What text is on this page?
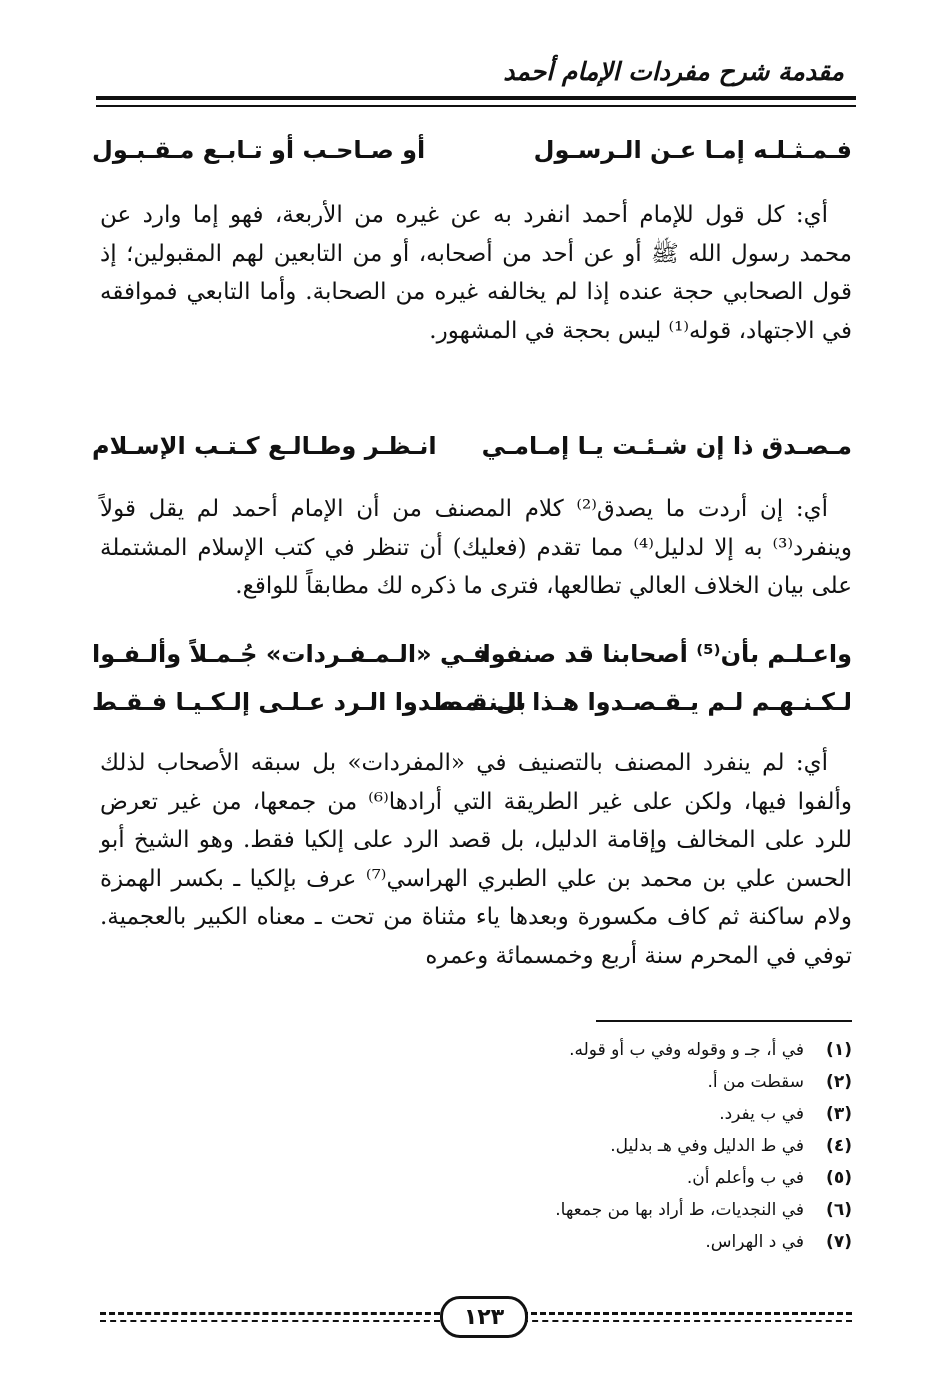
مقدمة شرح مفردات الإمام أحمد
فـمـثـلـه إمـا عـن الـرسـول
أو صـاحـب أو تـابـع مـقـبـول

أي: كل قول للإمام أحمد انفرد به عن غيره من الأربعة، فهو إما وارد عن محمد رسول الله ﷺ أو عن أحد من أصحابه، أو من التابعين لهم المقبولين؛ إذ قول الصحابي حجة عنده إذا لم يخالفه غيره من الصحابة. وأما التابعي فموافقه في الاجتهاد، قوله⁽¹⁾ ليس بحجة في المشهور.

مـصـدق ذا إن شـئـت يـا إمـامـي
انـظـر وطـالـع كـتـب الإسـلام

أي: إن أردت ما يصدق⁽²⁾ كلام المصنف من أن الإمام أحمد لم يقل قولاً وينفرد⁽³⁾ به إلا لدليل⁽⁴⁾ مما تقدم (فعليك) أن تنظر في كتب الإسلام المشتملة على بيان الخلاف العالي تطالعها، فترى ما ذكره لك مطابقاً للواقع.

واعـلـم بأن⁽⁵⁾ أصحابنا قد صنفوا
فـي «الـمـفـردات» جُـمـلاً وألـفـوا
لـكـنـهـم لـم يـقـصـدوا هـذا الـنـمـط
بل قـصـدوا الـرد عـلـى إلـكـيـا فـقـط

أي: لم ينفرد المصنف بالتصنيف في «المفردات» بل سبقه الأصحاب لذلك وألفوا فيها، ولكن على غير الطريقة التي أرادها⁽⁶⁾ من جمعها، من غير تعرض للرد على المخالف وإقامة الدليل، بل قصد الرد على إلكيا فقط. وهو الشيخ أبو الحسن علي بن محمد بن علي الطبري الهراسي⁽⁷⁾ عرف بإلكيا ـ بكسر الهمزة ولام ساكنة ثم كاف مكسورة وبعدها ياء مثناة من تحت ـ معناه الكبير بالعجمية. توفي في المحرم سنة أربع وخمسمائة وعمره

(١)
في أ، جـ و وقوله وفي ب أو قوله.
(٢)
سقطت من أ.
(٣)
في ب يفرد.
(٤)
في ط الدليل وفي هـ بدليل.
(٥)
في ب وأعلم أن.
(٦)
في النجديات، ط أراد بها من جمعها.
(٧)
في د الهراس.
١٢٣
